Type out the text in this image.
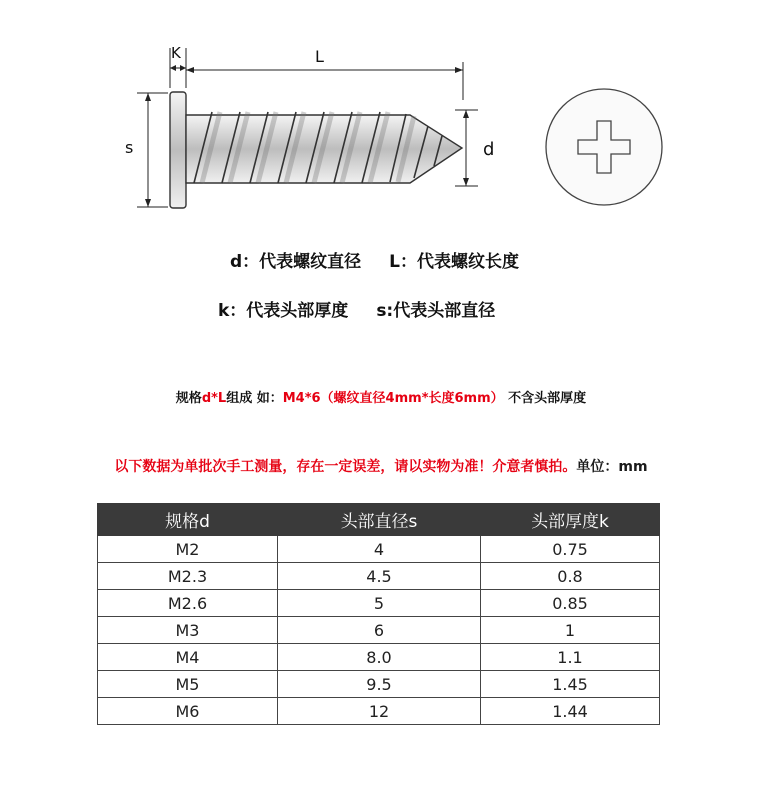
K	L
s	d
d：代表螺纹直径 L：代表螺纹长度
k：代表头部厚度 s:代表头部直径
规格d*L组成 如：M4*6（螺纹直径4mm*长度6mm） 不含头部厚度
以下数据为单批次手工测量，存在一定误差，请以实物为准！介意者慎拍。单位：mm
规格d	头部直径s	头部厚度k
M2	4	0.75
M2.3	4.5	0.8
M2.6	5	0.85
M3	6	1
M4	8.0	1.1
M5	9.5	1.45
M6	12	1.44
